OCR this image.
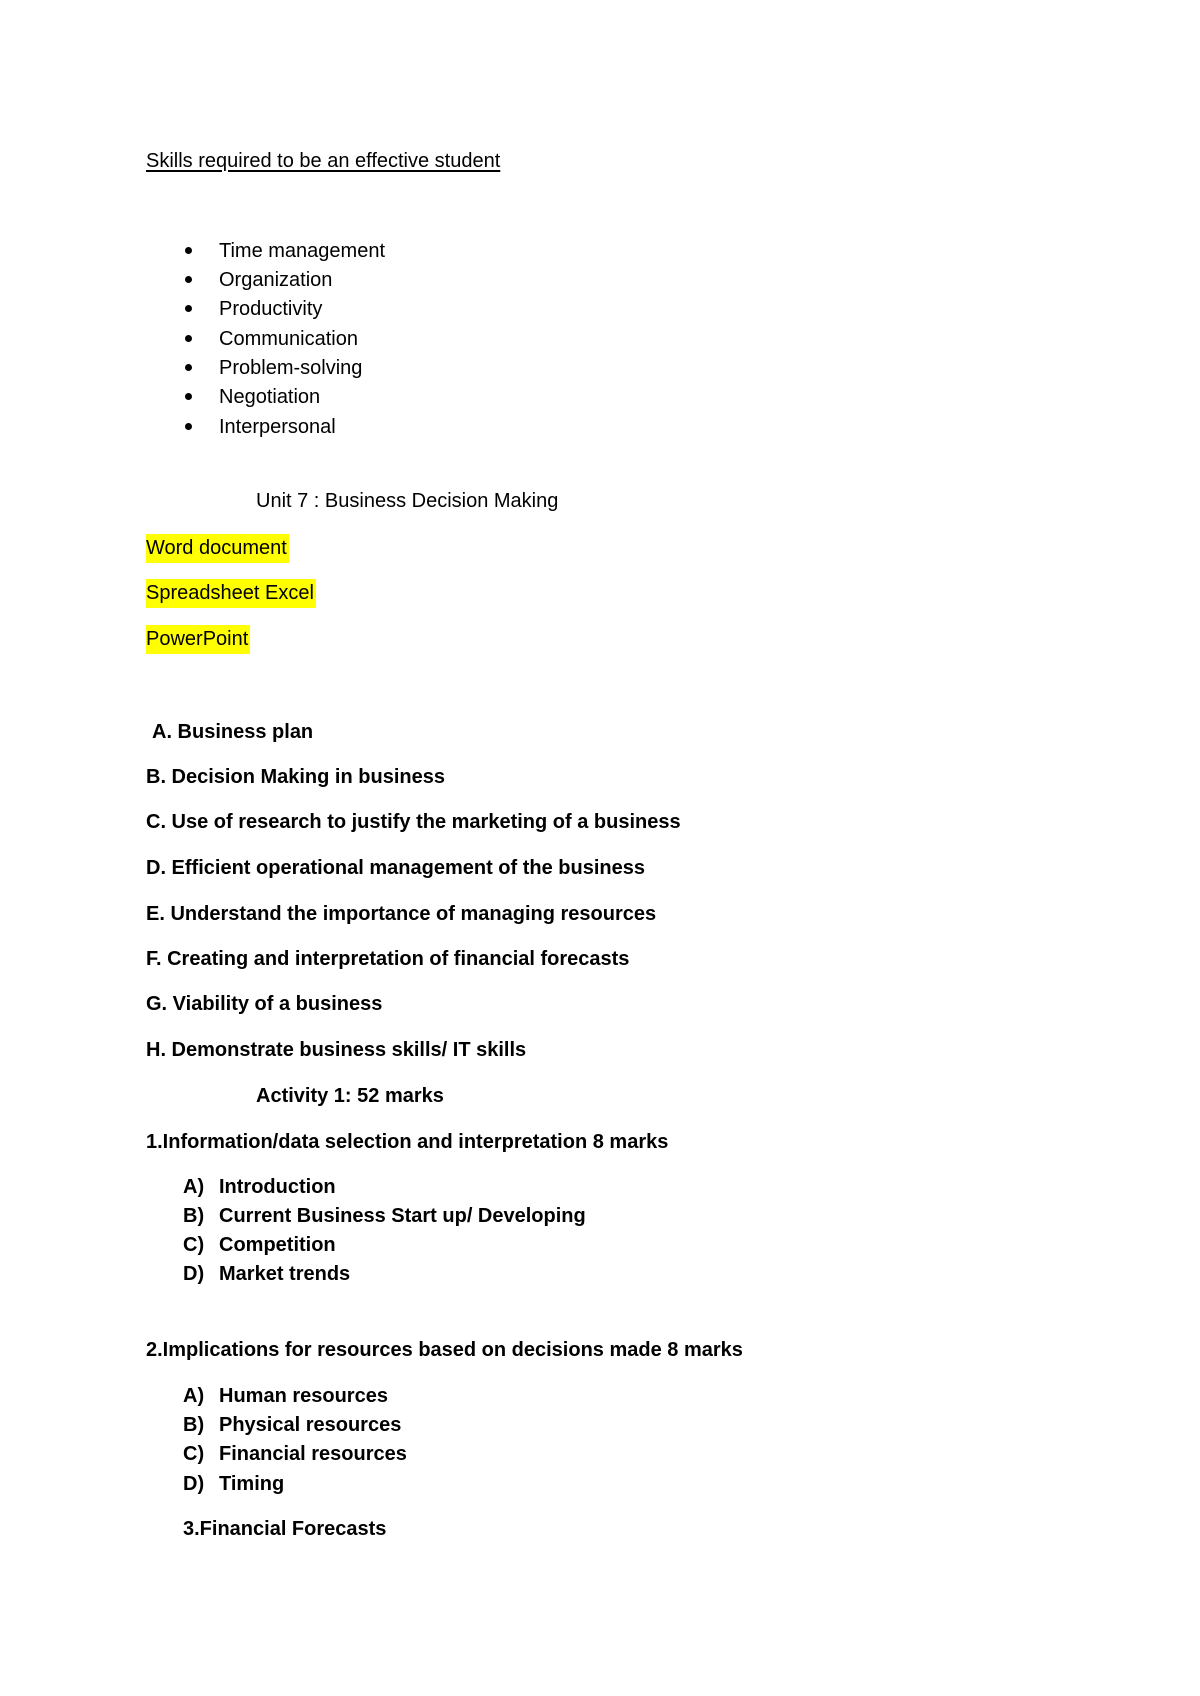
Skills required to be an effective student
Time management
Organization
Productivity
Communication
Problem-solving
Negotiation
Interpersonal
Unit 7 : Business Decision Making
Word document
Spreadsheet Excel
PowerPoint
A. Business plan
B. Decision Making in business
C. Use of research to justify the marketing of a business
D. Efficient operational management of the business
E. Understand the importance of managing resources
F. Creating and interpretation of financial forecasts
G. Viability of a business
H. Demonstrate business skills/ IT skills
Activity 1: 52 marks
1.Information/data selection and interpretation 8 marks
A) Introduction
B) Current Business Start up/ Developing
C) Competition
D) Market trends
2.Implications for resources based on decisions made 8 marks
A) Human resources
B) Physical resources
C) Financial resources
D) Timing
3.Financial Forecasts
